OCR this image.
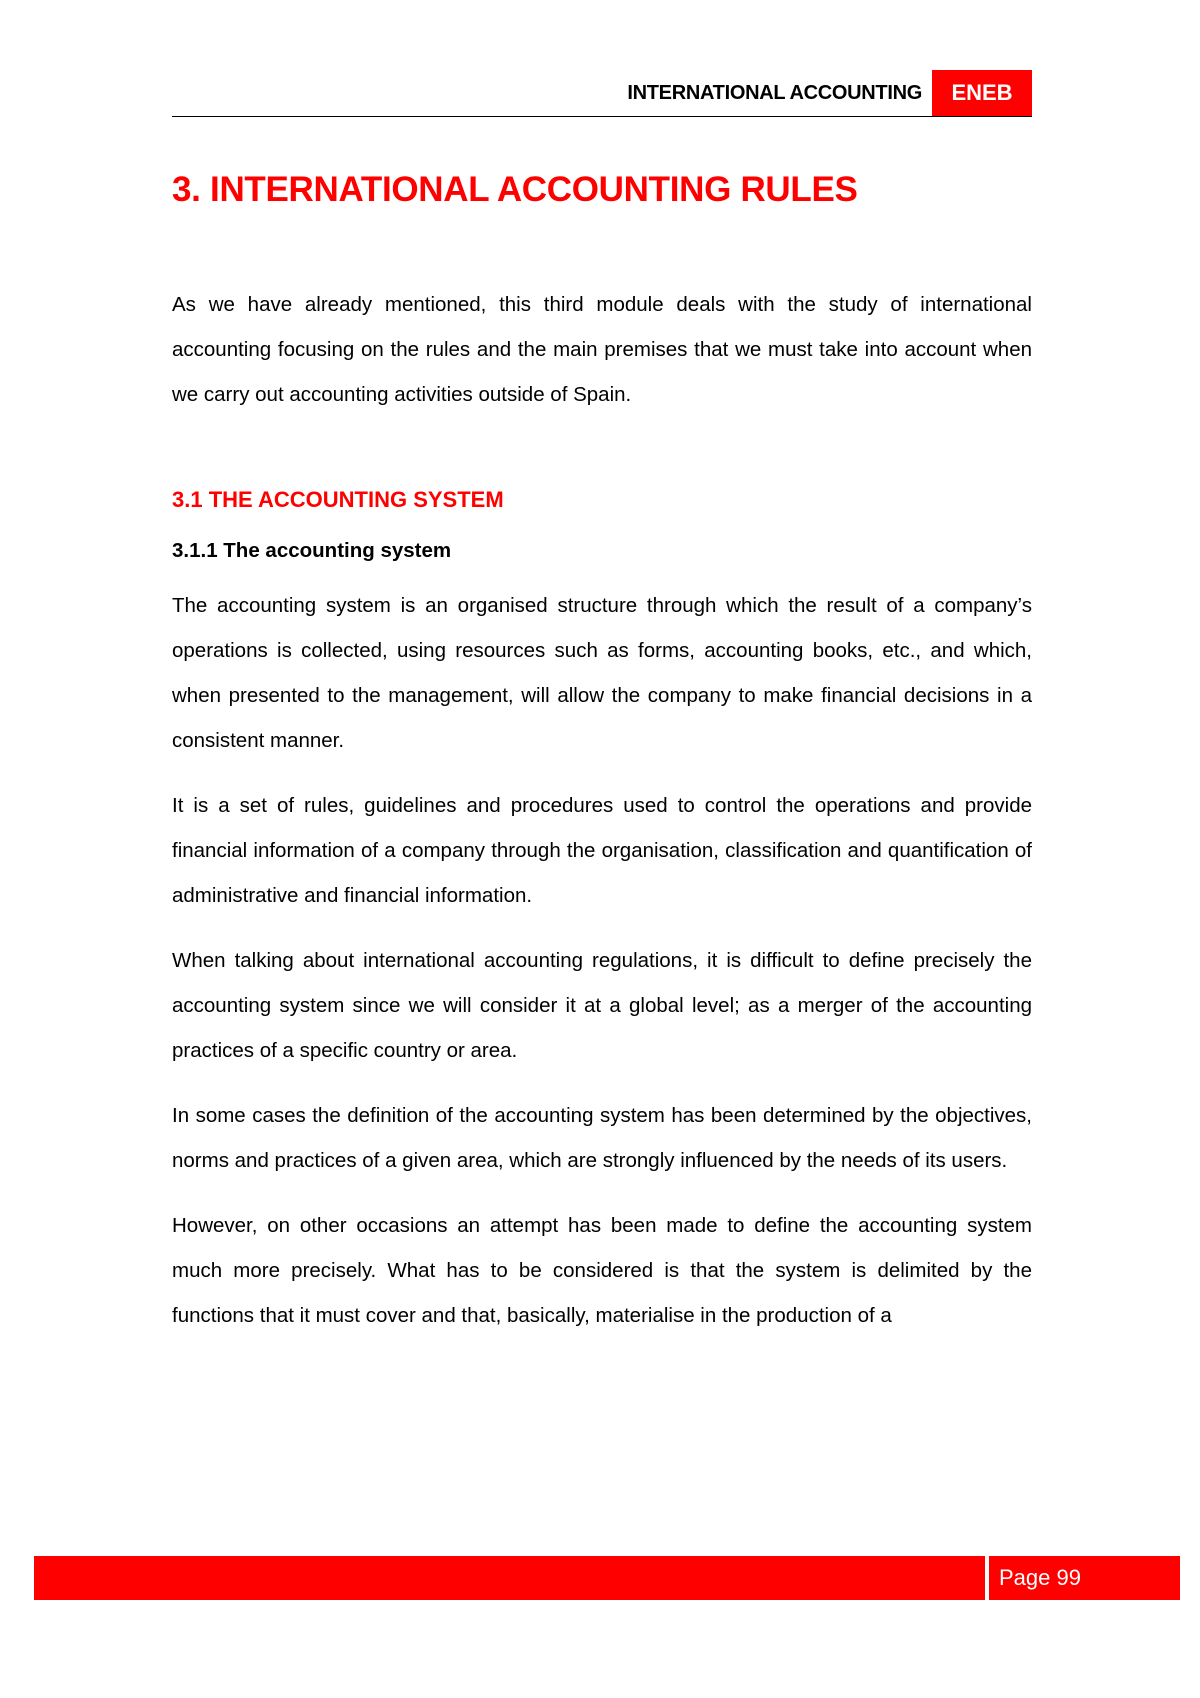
INTERNATIONAL ACCOUNTING	ENEB
3. INTERNATIONAL ACCOUNTING RULES

As we have already mentioned, this third module deals with the study of international accounting focusing on the rules and the main premises that we must take into account when we carry out accounting activities outside of Spain.

3.1 THE ACCOUNTING SYSTEM
3.1.1 The accounting system

The accounting system is an organised structure through which the result of a company’s operations is collected, using resources such as forms, accounting books, etc., and which, when presented to the management, will allow the company to make financial decisions in a consistent manner.

It is a set of rules, guidelines and procedures used to control the operations and provide financial information of a company through the organisation, classification and quantification of administrative and financial information.

When talking about international accounting regulations, it is difficult to define precisely the accounting system since we will consider it at a global level; as a merger of the accounting practices of a specific country or area.

In some cases the definition of the accounting system has been determined by the objectives, norms and practices of a given area, which are strongly influenced by the needs of its users.

However, on other occasions an attempt has been made to define the accounting system much more precisely. What has to be considered is that the system is delimited by the functions that it must cover and that, basically, materialise in the production of a

Page 99
